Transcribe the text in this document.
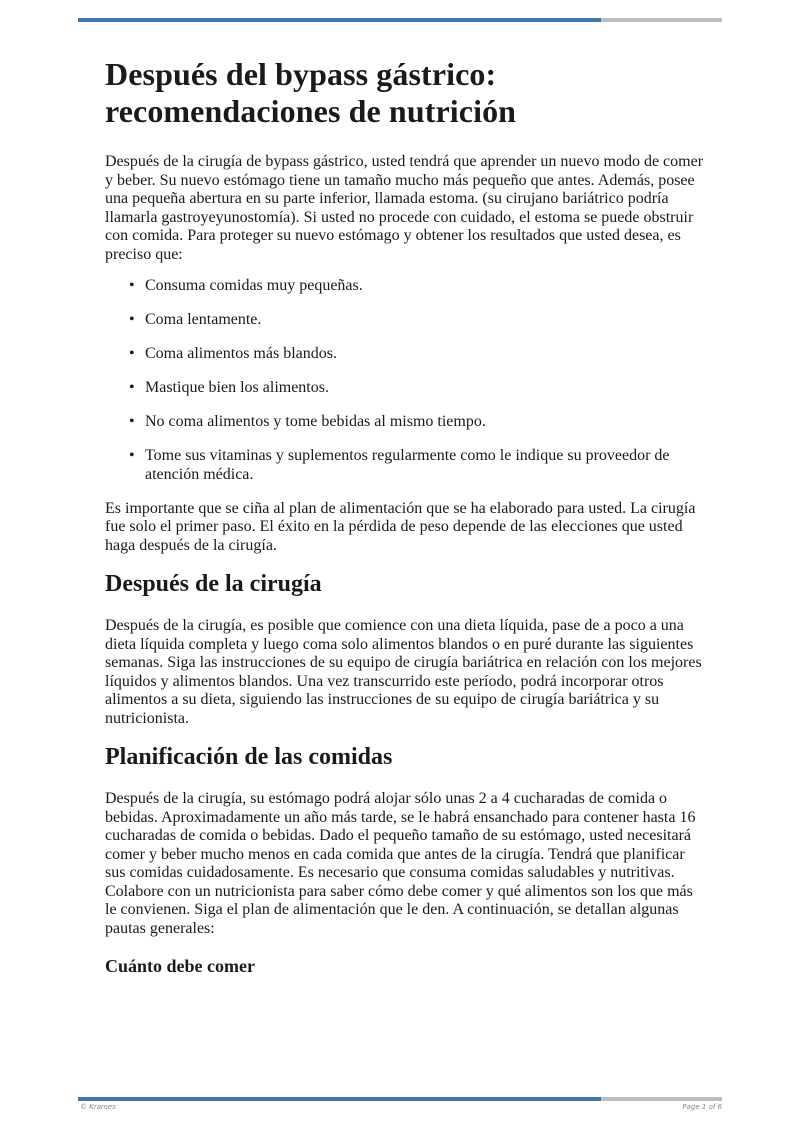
Después del bypass gástrico: recomendaciones de nutrición

Después de la cirugía de bypass gástrico, usted tendrá que aprender un nuevo modo de comer y beber. Su nuevo estómago tiene un tamaño mucho más pequeño que antes. Además, posee una pequeña abertura en su parte inferior, llamada estoma. (su cirujano bariátrico podría llamarla gastroyeyunostomía). Si usted no procede con cuidado, el estoma se puede obstruir con comida. Para proteger su nuevo estómago y obtener los resultados que usted desea, es preciso que:

• Consuma comidas muy pequeñas.
• Coma lentamente.
• Coma alimentos más blandos.
• Mastique bien los alimentos.
• No coma alimentos y tome bebidas al mismo tiempo.
• Tome sus vitaminas y suplementos regularmente como le indique su proveedor de atención médica.

Es importante que se ciña al plan de alimentación que se ha elaborado para usted. La cirugía fue solo el primer paso. El éxito en la pérdida de peso depende de las elecciones que usted haga después de la cirugía.

Después de la cirugía

Después de la cirugía, es posible que comience con una dieta líquida, pase de a poco a una dieta líquida completa y luego coma solo alimentos blandos o en puré durante las siguientes semanas. Siga las instrucciones de su equipo de cirugía bariátrica en relación con los mejores líquidos y alimentos blandos. Una vez transcurrido este período, podrá incorporar otros alimentos a su dieta, siguiendo las instrucciones de su equipo de cirugía bariátrica y su nutricionista.

Planificación de las comidas

Después de la cirugía, su estómago podrá alojar sólo unas 2 a 4 cucharadas de comida o bebidas. Aproximadamente un año más tarde, se le habrá ensanchado para contener hasta 16 cucharadas de comida o bebidas. Dado el pequeño tamaño de su estómago, usted necesitará comer y beber mucho menos en cada comida que antes de la cirugía. Tendrá que planificar sus comidas cuidadosamente. Es necesario que consuma comidas saludables y nutritivas. Colabore con un nutricionista para saber cómo debe comer y qué alimentos son los que más le convienen. Siga el plan de alimentación que le den. A continuación, se detallan algunas pautas generales:

Cuánto debe comer
© Krames	Page 1 of 6
